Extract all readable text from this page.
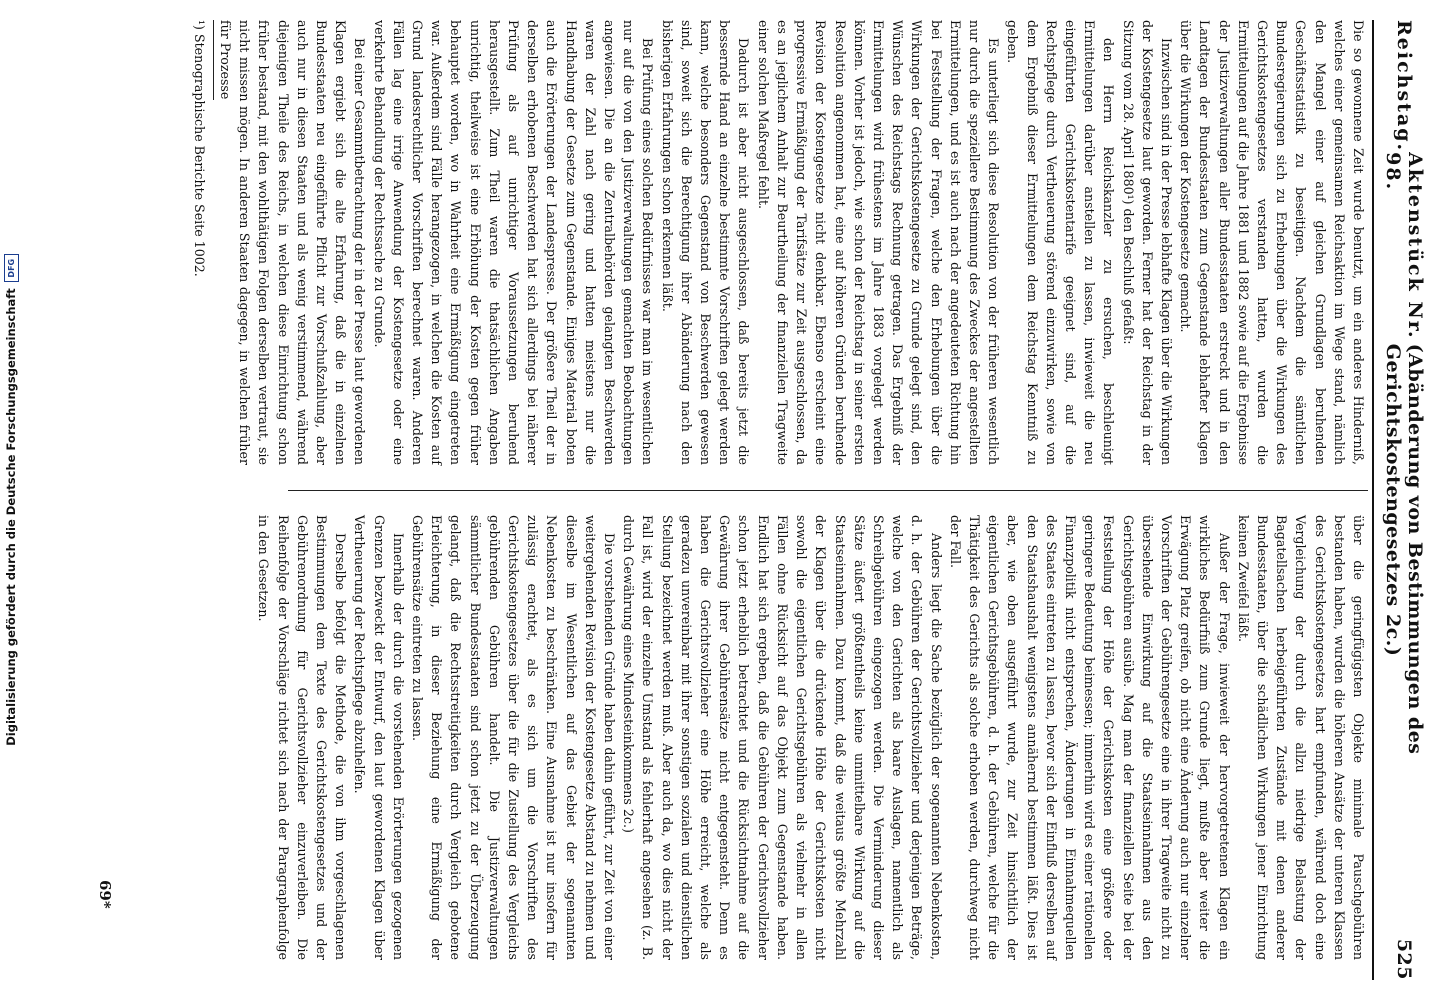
Digitalisierung gefördert durch die Deutsche Forschungsgemeinschaft
DFG
Reichstag.
Aktenstück Nr. 98.
(Abänderung von Bestimmungen des Gerichtskostengesetzes 2c.)
525

Die so gewonnene Zeit wurde benutzt, um ein anderes Hinderniß, welches einer gemeinsamen Reichsaktion im Wege stand, nämlich den Mangel einer auf gleichen Grundlagen beruhenden Geschäftsstatistik zu beseitigen. Nachdem die sämtlichen Bundesregierungen sich zu Erhebungen über die Wirkungen des Gerichtskostengesetzes verstanden hatten, wurden die Ermittelungen auf die Jahre 1881 und 1882 sowie auf die Ergebnisse der Justizverwaltungen aller Bundesstaaten erstreckt und in den Landtagen der Bundesstaaten zum Gegenstande lebhafter Klagen über die Wirkungen der Kostengesetze gemacht.

Inzwischen sind in der Presse lebhafte Klagen über die Wirkungen der Kostengesetze laut geworden. Ferner hat der Reichstag in der Sitzung vom 28. April 1880¹) den Beschluß gefaßt:

den Herrn Reichskanzler zu ersuchen, beschleunigt Ermittelungen darüber anstellen zu lassen, inwieweit die neu eingeführten Gerichtskostentarife geeignet sind, auf die Rechtspflege durch Vertheuerung störend einzuwirken, sowie von dem Ergebniß dieser Ermittelungen dem Reichstag Kenntniß zu geben.

Es unterliegt sich diese Resolution von der früheren wesentlich nur durch die speziellere Bestimmung des Zweckes der angestellten Ermittelungen, und es ist auch nach der angedeuteten Richtung hin bei Feststellung der Fragen, welche den Erhebungen über die Wirkungen der Gerichtskostengesetze zu Grunde gelegt sind, den Wünschen des Reichstags Rechnung getragen. Das Ergebniß der Ermittelungen wird frühestens im Jahre 1883 vorgelegt werden können. Vorher ist jedoch, wie schon der Reichstag in seiner ersten Resolution angenommen hat, eine auf höheren Gründen beruhende Revision der Kostengesetze nicht denkbar. Ebenso erscheint eine progressive Ermäßigung der Tarifsätze zur Zeit ausgeschlossen, da es an jeglichem Anhalt zur Beurtheilung der finanziellen Tragweite einer solchen Maßregel fehlt.

Dadurch ist aber nicht ausgeschlossen, daß bereits jetzt die bessernde Hand an einzelne bestimmte Vorschriften gelegt werden kann, welche besonders Gegenstand von Beschwerden gewesen sind, soweit sich die Berechtigung ihrer Abänderung nach den bisherigen Erfahrungen schon erkennen läßt.

Bei Prüfung eines solchen Bedürfnisses war man im wesentlichen nur auf die von den Justizverwaltungen gemachten Beobachtungen angewiesen. Die an die Zentralbehörden gelangten Beschwerden waren der Zahl nach gering und hatten meistens nur die Handhabung der Gesetze zum Gegenstande. Einiges Material boten auch die Erörterungen der Landespresse. Der größere Theil der in derselben erhobenen Beschwerden hat sich allerdings bei näherer Prüfung als auf unrichtiger Voraussetzungen beruhend herausgestellt. Zum Theil waren die thatsächlichen Angaben unrichtig, theilweise ist eine Erhöhung der Kosten gegen früher behauptet worden, wo in Wahrheit eine Ermäßigung eingetreten war. Außerdem sind Fälle herangezogen, in welchen die Kosten auf Grund landesrechtlicher Vorschriften berechnet waren. Anderen Fällen lag eine irrige Anwendung der Kostengesetze oder eine verkehrte Behandlung der Rechtssache zu Grunde.

Bei einer Gesammtbetrachtung der in der Presse laut gewordenen Klagen ergiebt sich die alte Erfahrung, daß die in einzelnen Bundesstaaten neu eingeführte Pflicht zur Vorschußzahlung, aber auch nur in diesen Staaten und als wenig verstimmend, während diejenigen Theile des Reichs, in welchen diese Einrichtung schon früher bestand, mit den wohlthätigen Folgen derselben vertraut, sie nicht missen mögen. In anderen Staaten dagegen, in welchen früher für Prozesse

über die geringfügigsten Objekte minimale Pauschgebühren bestanden haben, wurden die höheren Ansätze der unteren Klassen des Gerichtskostengesetzes hart empfunden, während doch eine Vergleichung der durch die allzu niedrige Belastung der Bagatellsachen herbeigeführten Zustände mit denen anderer Bundesstaaten, über die schädlichen Wirkungen jener Einrichtung keinen Zweifel läßt.

Außer der Frage, inwieweit der hervorgetretenen Klagen ein wirkliches Bedürfniß zum Grunde liegt, mußte aber weiter die Erwägung Platz greifen, ob nicht eine Änderung auch nur einzelner Vorschriften der Gebührengesetze eine in ihrer Tragweite nicht zu übersehende Einwirkung auf die Staatseinnahmen aus den Gerichtsgebühren ausübe. Mag man der finanziellen Seite bei der Feststellung der Höhe der Gerichtskosten eine größere oder geringere Bedeutung beimessen; immerhin wird es einer rationellen Finanzpolitik nicht entsprechen, Änderungen in Einnahmequellen des Staates eintreten zu lassen, bevor sich der Einfluß derselben auf den Staatshaushalt wenigstens annähernd bestimmen läßt. Dies ist aber, wie oben ausgeführt wurde, zur Zeit hinsichtlich der eigentlichen Gerichtsgebühren, d. h. der Gebühren, welche für die Thätigkeit des Gerichts als solche erhoben werden, durchweg nicht der Fall.

Anders liegt die Sache bezüglich der sogenannten Nebenkosten, d. h. der Gebühren der Gerichtsvollzieher und derjenigen Beträge, welche von den Gerichten als baare Auslagen, namentlich als Schreibgebühren eingezogen werden. Die Verminderung dieser Sätze äußert größtentheils keine unmittelbare Wirkung auf die Staatseinnahmen. Dazu kommt, daß die weitaus größte Mehrzahl der Klagen über die drückende Höhe der Gerichtskosten nicht sowohl die eigentlichen Gerichtsgebühren als vielmehr in allen Fällen ohne Rücksicht auf das Objekt zum Gegenstande haben. Endlich hat sich ergeben, daß die Gebühren der Gerichtsvollzieher schon jetzt erheblich betrachtet und die Rücksichtnahme auf die Gewährung ihrer Gebührensätze nicht entgegensteht. Denn es haben die Gerichtsvollzieher eine Höhe erreicht, welche als geradezu unvereinbar mit ihrer sonstigen sozialen und dienstlichen Stellung bezeichnet werden muß. Aber auch da, wo dies nicht der Fall ist, wird der einzelne Umstand als fehlerhaft angesehen (z. B. durch Gewährung eines Mindesteinkommens 2c.)

Die vorstehenden Gründe haben dahin geführt, zur Zeit von einer weitergehenden Revision der Kostengesetze Abstand zu nehmen und dieselbe im Wesentlichen auf das Gebiet der sogenannten Nebenkosten zu beschränken. Eine Ausnahme ist nur insofern für zulässig erachtet, als es sich um die Vorschriften des Gerichtskostengesetzes über die für die Zustellung des Vergleichs gebührenden Gebühren handelt. Die Justizverwaltungen sämmtlicher Bundesstaaten sind schon jetzt zu der Überzeugung gelangt, daß die Rechtsstreitigkeiten durch Vergleich gebotene Erleichterung, in dieser Beziehung eine Ermäßigung der Gebührensätze eintreten zu lassen.

Innerhalb der durch die vorstehenden Erörterungen gezogenen Grenzen bezweckt der Entwurf, den laut gewordenen Klagen über Vertheuerung der Rechtspflege abzuhelfen.

Derselbe befolgt die Methode, die von ihm vorgeschlagenen Bestimmungen dem Texte des Gerichtskostengesetzes und der Gebührenordnung für Gerichtsvollzieher einzuverleiben. Die Reihenfolge der Vorschläge richtet sich nach der Paragraphenfolge in den Gesetzen.

¹) Stenographische Berichte Seite 1002.
69*
